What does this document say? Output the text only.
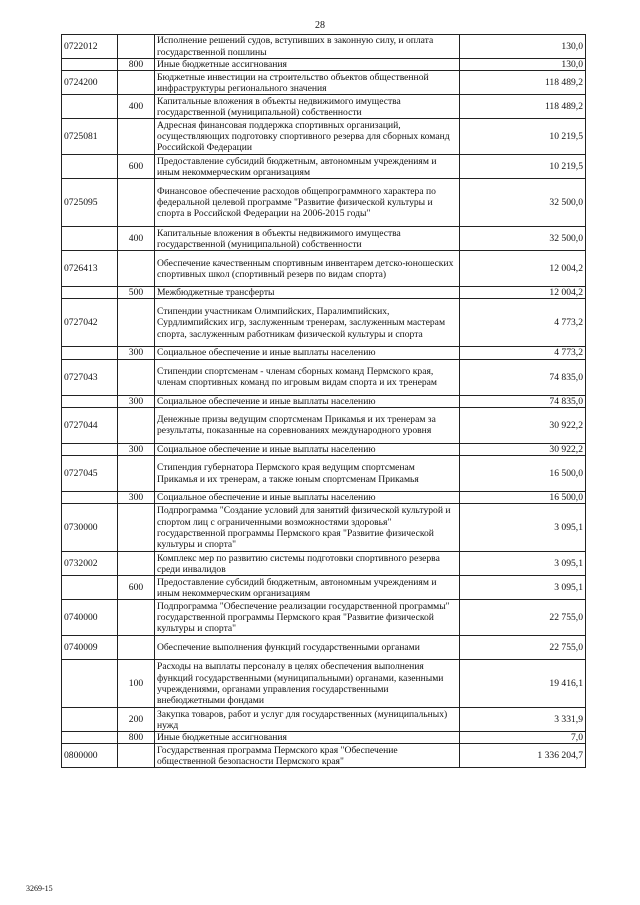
28
0722012		Исполнение решений судов, вступивших в законную силу, и оплата государственной пошлины	130,0
	800	Иные бюджетные ассигнования	130,0
0724200		Бюджетные инвестиции на строительство объектов общественной инфраструктуры регионального значения	118 489,2
	400	Капитальные вложения в объекты недвижимого имущества государственной (муниципальной) собственности	118 489,2
0725081		Адресная финансовая поддержка спортивных организаций, осуществляющих подготовку спортивного резерва для сборных команд Российской Федерации	10 219,5
	600	Предоставление субсидий бюджетным, автономным учреждениям и иным некоммерческим организациям	10 219,5
0725095		Финансовое обеспечение расходов общепрограммного характера по федеральной целевой программе "Развитие физической культуры и спорта в Российской Федерации на 2006-2015 годы"	32 500,0
	400	Капитальные вложения в объекты недвижимого имущества государственной (муниципальной) собственности	32 500,0
0726413		Обеспечение качественным спортивным инвентарем детско-юношеских спортивных школ (спортивный резерв по видам спорта)	12 004,2
	500	Межбюджетные трансферты	12 004,2
0727042		Стипендии участникам Олимпийских, Паралимпийских, Сурдлимпийских игр, заслуженным тренерам, заслуженным мастерам спорта, заслуженным работникам физической культуры и спорта	4 773,2
	300	Социальное обеспечение и иные выплаты населению	4 773,2
0727043		Стипендии спортсменам - членам сборных команд Пермского края, членам спортивных команд по игровым видам спорта и их тренерам	74 835,0
	300	Социальное обеспечение и иные выплаты населению	74 835,0
0727044		Денежные призы ведущим спортсменам Прикамья и их тренерам за результаты, показанные на соревнованиях международного уровня	30 922,2
	300	Социальное обеспечение и иные выплаты населению	30 922,2
0727045		Стипендия губернатора Пермского края ведущим спортсменам Прикамья и их тренерам, а также юным спортсменам Прикамья	16 500,0
	300	Социальное обеспечение и иные выплаты населению	16 500,0
0730000		Подпрограмма "Создание условий для занятий физической культурой и спортом лиц с ограниченными возможностями здоровья" государственной программы Пермского края "Развитие физической культуры и спорта"	3 095,1
0732002		Комплекс мер по развитию системы подготовки спортивного резерва среди инвалидов	3 095,1
	600	Предоставление субсидий бюджетным, автономным учреждениям и иным некоммерческим организациям	3 095,1
0740000		Подпрограмма "Обеспечение реализации государственной программы" государственной программы Пермского края "Развитие физической культуры и спорта"	22 755,0
0740009		Обеспечение выполнения функций государственными органами	22 755,0
	100	Расходы на выплаты персоналу в целях обеспечения выполнения функций государственными (муниципальными) органами, казенными учреждениями, органами управления государственными внебюджетными фондами	19 416,1
	200	Закупка товаров, работ и услуг для государственных (муниципальных) нужд	3 331,9
	800	Иные бюджетные ассигнования	7,0
0800000		Государственная программа Пермского края "Обеспечение общественной безопасности Пермского края"	1 336 204,7
3269-15
